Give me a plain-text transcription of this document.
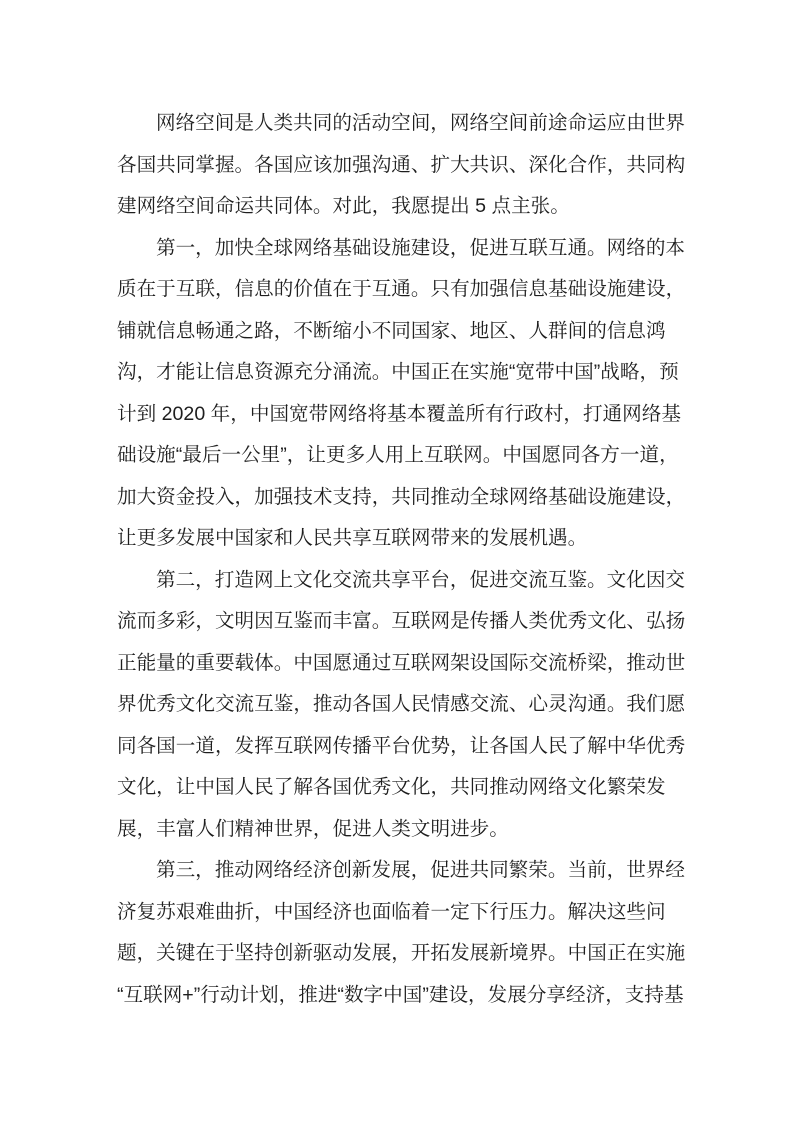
网络空间是人类共同的活动空间，网络空间前途命运应由世界
各国共同掌握。各国应该加强沟通、扩大共识、深化合作，共同构
建网络空间命运共同体。对此，我愿提出 5 点主张。
第一，加快全球网络基础设施建设，促进互联互通。网络的本
质在于互联，信息的价值在于互通。只有加强信息基础设施建设，
铺就信息畅通之路，不断缩小不同国家、地区、人群间的信息鸿
沟，才能让信息资源充分涌流。中国正在实施“宽带中国”战略，预
计到 2020 年，中国宽带网络将基本覆盖所有行政村，打通网络基
础设施“最后一公里”，让更多人用上互联网。中国愿同各方一道，
加大资金投入，加强技术支持，共同推动全球网络基础设施建设，
让更多发展中国家和人民共享互联网带来的发展机遇。
第二，打造网上文化交流共享平台，促进交流互鉴。文化因交
流而多彩，文明因互鉴而丰富。互联网是传播人类优秀文化、弘扬
正能量的重要载体。中国愿通过互联网架设国际交流桥梁，推动世
界优秀文化交流互鉴，推动各国人民情感交流、心灵沟通。我们愿
同各国一道，发挥互联网传播平台优势，让各国人民了解中华优秀
文化，让中国人民了解各国优秀文化，共同推动网络文化繁荣发
展，丰富人们精神世界，促进人类文明进步。
第三，推动网络经济创新发展，促进共同繁荣。当前，世界经
济复苏艰难曲折，中国经济也面临着一定下行压力。解决这些问
题，关键在于坚持创新驱动发展，开拓发展新境界。中国正在实施
“互联网+”行动计划，推进“数字中国”建设，发展分享经济，支持基
